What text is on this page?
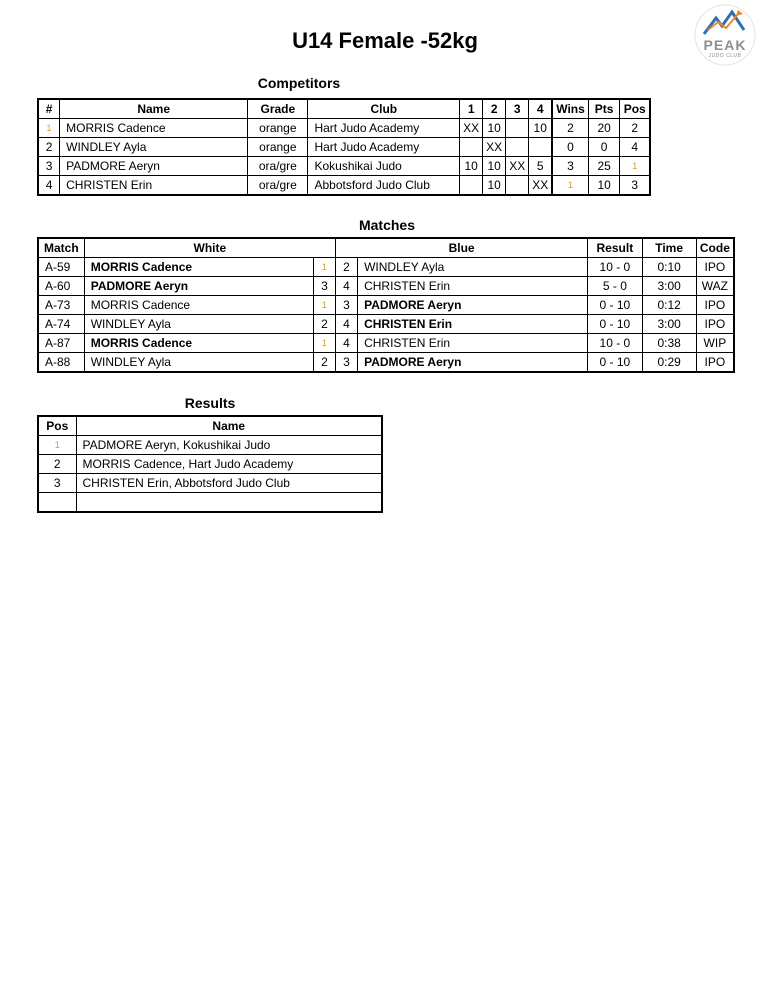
U14 Female -52kg	PEAK
JUDO CLUB
Competitors
#	Name	Grade	Club	1	2	3	4	Wins	Pts	Pos
1	MORRIS Cadence	orange	Hart Judo Academy	XX	10		10	2	20	2
2	WINDLEY Ayla	orange	Hart Judo Academy		XX			0	0	4
3	PADMORE Aeryn	ora/gre	Kokushikai Judo	10	10	XX	5	3	25	1
4	CHRISTEN Erin	ora/gre	Abbotsford Judo Club		10		XX	1	10	3
Matches
Match	White		Blue		Result	Time	Code
A-59	MORRIS Cadence	1	2	WINDLEY Ayla	10 - 0	0:10	IPO
A-60	PADMORE Aeryn	3	4	CHRISTEN Erin	5 - 0	3:00	WAZ
A-73	MORRIS Cadence	1	3	PADMORE Aeryn	0 - 10	0:12	IPO
A-74	WINDLEY Ayla	2	4	CHRISTEN Erin	0 - 10	3:00	IPO
A-87	MORRIS Cadence	1	4	CHRISTEN Erin	10 - 0	0:38	WIP
A-88	WINDLEY Ayla	2	3	PADMORE Aeryn	0 - 10	0:29	IPO
Results
Pos	Name
1	PADMORE Aeryn, Kokushikai Judo
2	MORRIS Cadence, Hart Judo Academy
3	CHRISTEN Erin, Abbotsford Judo Club
